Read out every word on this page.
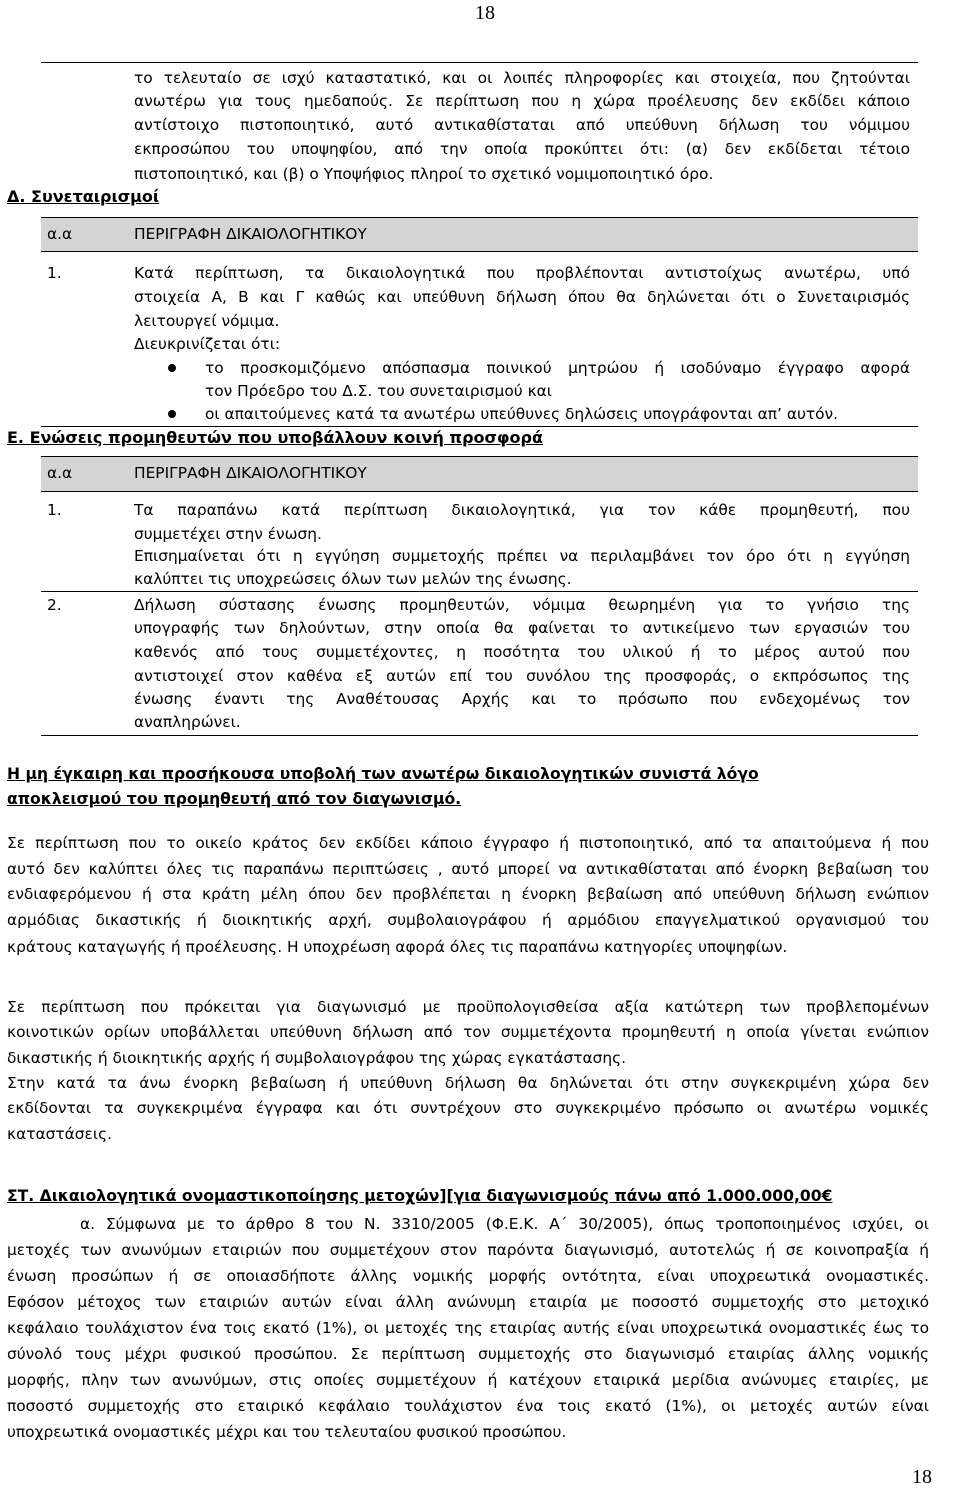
18

το τελευταίο σε ισχύ καταστατικό, και οι λοιπές πληροφορίες και στοιχεία, που ζητούνται

ανωτέρω για τους ημεδαπούς. Σε περίπτωση που η χώρα προέλευσης δεν εκδίδει κάποιο

αντίστοιχο πιστοποιητικό, αυτό αντικαθίσταται από υπεύθυνη δήλωση του νόμιμου

εκπροσώπου του υποψηφίου, από την οποία προκύπτει ότι: (α) δεν εκδίδεται τέτοιο

πιστοποιητικό, και (β) ο Υποψήφιος πληροί το σχετικό νομιμοποιητικό όρο.

Δ. Συνεταιρισμοί
α.α	ΠΕΡΙΓΡΑΦΗ ΔΙΚΑΙΟΛΟΓΗΤΙΚΟΥ

1.	Κατά περίπτωση, τα δικαιολογητικά που προβλέπονται αντιστοίχως ανωτέρω, υπό

στοιχεία Α, Β και Γ καθώς και υπεύθυνη δήλωση όπου θα δηλώνεται ότι ο Συνεταιρισμός

λειτουργεί νόμιμα.

Διευκρινίζεται ότι:

το προσκομιζόμενο απόσπασμα ποινικού μητρώου ή ισοδύναμο έγγραφο αφορά

τον Πρόεδρο του Δ.Σ. του συνεταιρισμού και

οι απαιτούμενες κατά τα ανωτέρω υπεύθυνες δηλώσεις υπογράφονται απ’ αυτόν.

Ε. Ενώσεις προμηθευτών που υποβάλλουν κοινή προσφορά
α.α	ΠΕΡΙΓΡΑΦΗ ΔΙΚΑΙΟΛΟΓΗΤΙΚΟΥ

1.	Τα παραπάνω κατά περίπτωση δικαιολογητικά, για τον κάθε προμηθευτή, που

συμμετέχει στην ένωση.

Επισημαίνεται ότι η εγγύηση συμμετοχής πρέπει να περιλαμβάνει τον όρο ότι η εγγύηση

καλύπτει τις υποχρεώσεις όλων των μελών της ένωσης.

2.	Δήλωση σύστασης ένωσης προμηθευτών, νόμιμα θεωρημένη για το γνήσιο της

υπογραφής των δηλούντων, στην οποία θα φαίνεται το αντικείμενο των εργασιών του

καθενός από τους συμμετέχοντες, η ποσότητα του υλικού ή το μέρος αυτού που

αντιστοιχεί στον καθένα εξ αυτών επί του συνόλου της προσφοράς, ο εκπρόσωπος της

ένωσης έναντι της Αναθέτουσας Αρχής και το πρόσωπο που ενδεχομένως τον

αναπληρώνει.

Η μη έγκαιρη και προσήκουσα υποβολή των ανωτέρω δικαιολογητικών συνιστά λόγο

αποκλεισμού του προμηθευτή από τον διαγωνισμό.

Σε περίπτωση που το οικείο κράτος δεν εκδίδει κάποιο έγγραφο ή πιστοποιητικό, από τα απαιτούμενα ή που

αυτό δεν καλύπτει όλες τις παραπάνω περιπτώσεις , αυτό μπορεί να αντικαθίσταται από ένορκη βεβαίωση του

ενδιαφερόμενου ή στα κράτη μέλη όπου δεν προβλέπεται η ένορκη βεβαίωση από υπεύθυνη δήλωση ενώπιον

αρμόδιας δικαστικής ή διοικητικής αρχή, συμβολαιογράφου ή αρμόδιου επαγγελματικού οργανισμού του

κράτους καταγωγής ή προέλευσης. Η υποχρέωση αφορά όλες τις παραπάνω κατηγορίες υποψηφίων.

Σε περίπτωση που πρόκειται για διαγωνισμό με προϋπολογισθείσα αξία κατώτερη των προβλεπομένων

κοινοτικών ορίων υποβάλλεται υπεύθυνη δήλωση από τον συμμετέχοντα προμηθευτή η οποία γίνεται ενώπιον

δικαστικής ή διοικητικής αρχής ή συμβολαιογράφου της χώρας εγκατάστασης.

Στην κατά τα άνω ένορκη βεβαίωση ή υπεύθυνη δήλωση θα δηλώνεται ότι στην συγκεκριμένη χώρα δεν

εκδίδονται τα συγκεκριμένα έγγραφα και ότι συντρέχουν στο συγκεκριμένο πρόσωπο οι ανωτέρω νομικές

καταστάσεις.

ΣΤ. Δικαιολογητικά ονομαστικοποίησης μετοχών][για διαγωνισμούς πάνω από 1.000.000,00€

α. Σύμφωνα με το άρθρο 8 του Ν. 3310/2005 (Φ.Ε.Κ. Α΄ 30/2005), όπως τροποποιημένος ισχύει, οι

μετοχές των ανωνύμων εταιριών που συμμετέχουν στον παρόντα διαγωνισμό, αυτοτελώς ή σε κοινοπραξία ή

ένωση προσώπων ή σε οποιασδήποτε άλλης νομικής μορφής οντότητα, είναι υποχρεωτικά ονομαστικές.

Εφόσον μέτοχος των εταιριών αυτών είναι άλλη ανώνυμη εταιρία με ποσοστό συμμετοχής στο μετοχικό

κεφάλαιο τουλάχιστον ένα τοις εκατό (1%), οι μετοχές της εταιρίας αυτής είναι υποχρεωτικά ονομαστικές έως το

σύνολό τους μέχρι φυσικού προσώπου. Σε περίπτωση συμμετοχής στο διαγωνισμό εταιρίας άλλης νομικής

μορφής, πλην των ανωνύμων, στις οποίες συμμετέχουν ή κατέχουν εταιρικά μερίδια ανώνυμες εταιρίες, με

ποσοστό συμμετοχής στο εταιρικό κεφάλαιο τουλάχιστον ένα τοις εκατό (1%), οι μετοχές αυτών είναι

υποχρεωτικά ονομαστικές μέχρι και του τελευταίου φυσικού προσώπου.

18
